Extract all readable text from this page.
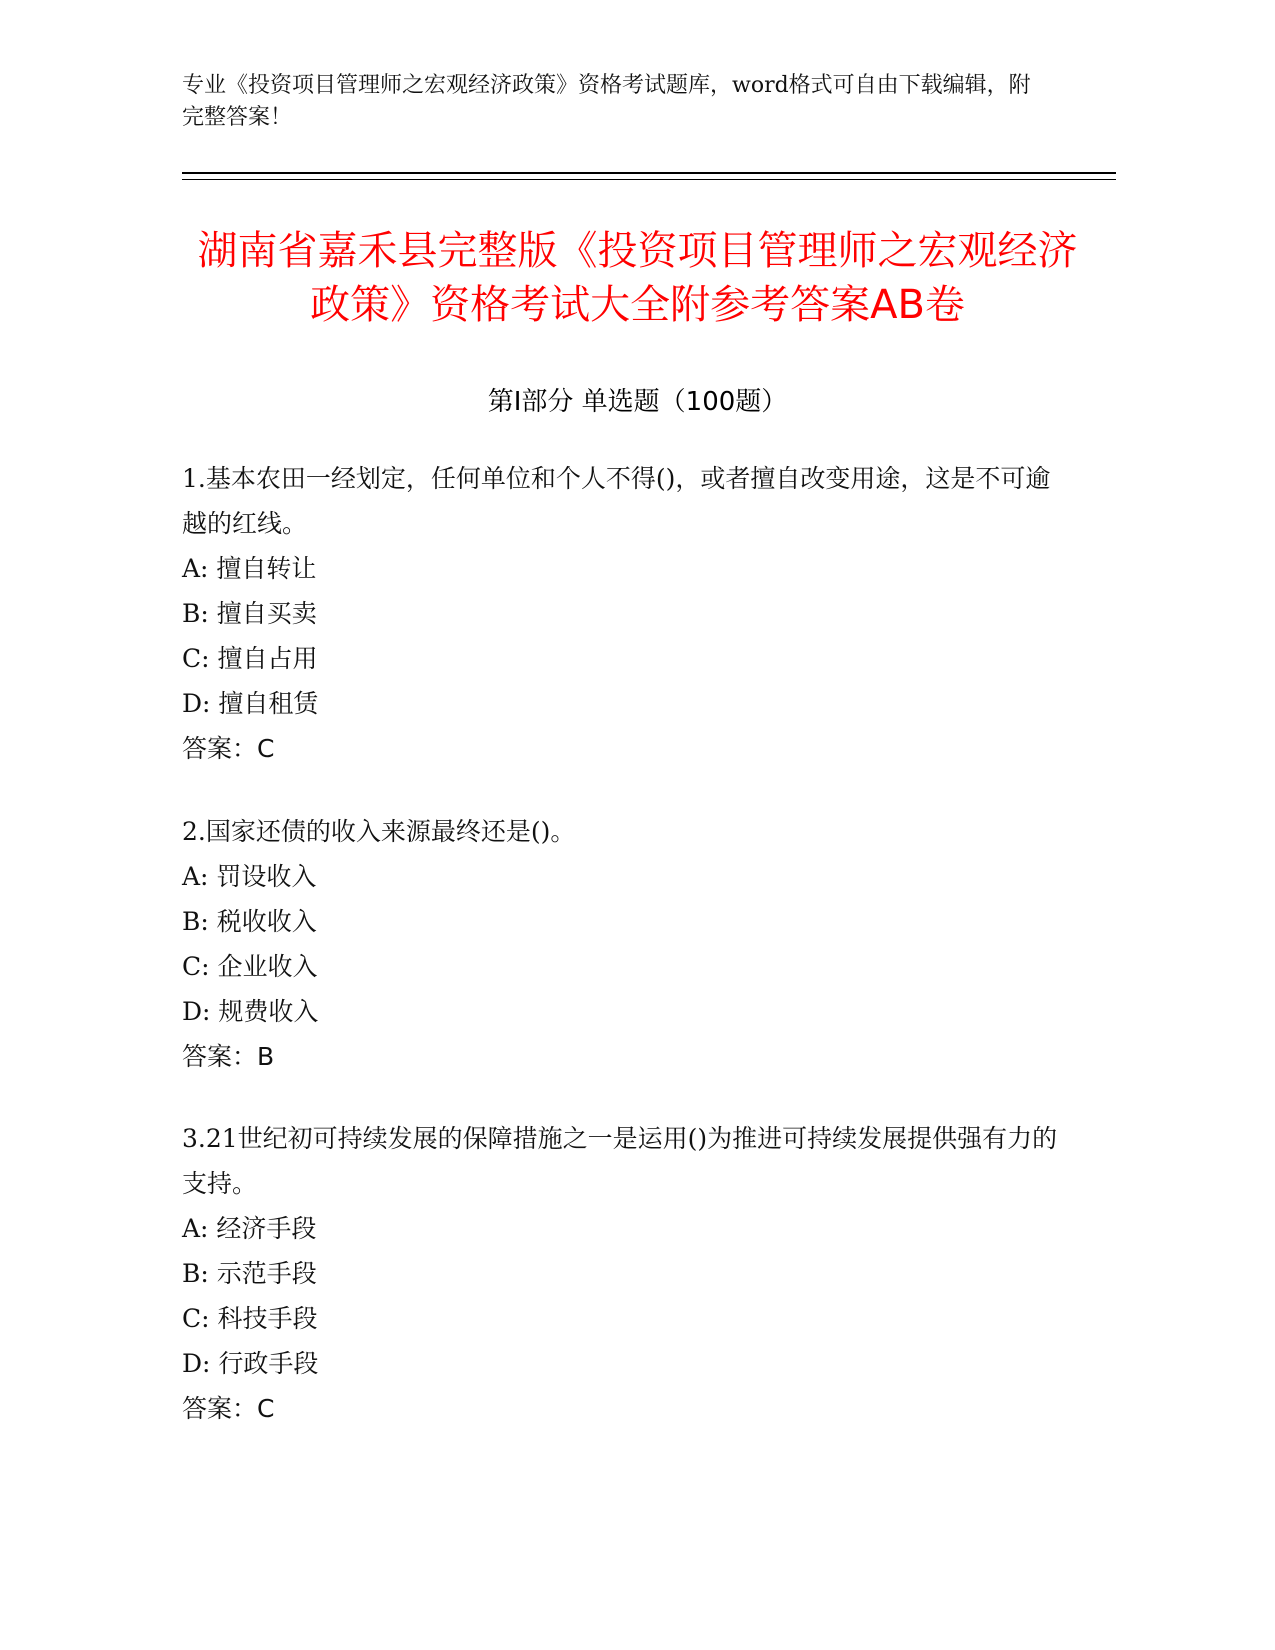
专业《投资项目管理师之宏观经济政策》资格考试题库，word格式可自由下载编辑，附完整答案！
湖南省嘉禾县完整版《投资项目管理师之宏观经济政策》资格考试大全附参考答案AB卷
第I部分 单选题（100题）
1.基本农田一经划定，任何单位和个人不得()，或者擅自改变用途，这是不可逾越的红线。
A: 擅自转让
B: 擅自买卖
C: 擅自占用
D: 擅自租赁
答案：C
2.国家还债的收入来源最终还是()。
A: 罚设收入
B: 税收收入
C: 企业收入
D: 规费收入
答案：B
3.21世纪初可持续发展的保障措施之一是运用()为推进可持续发展提供强有力的支持。
A: 经济手段
B: 示范手段
C: 科技手段
D: 行政手段
答案：C
